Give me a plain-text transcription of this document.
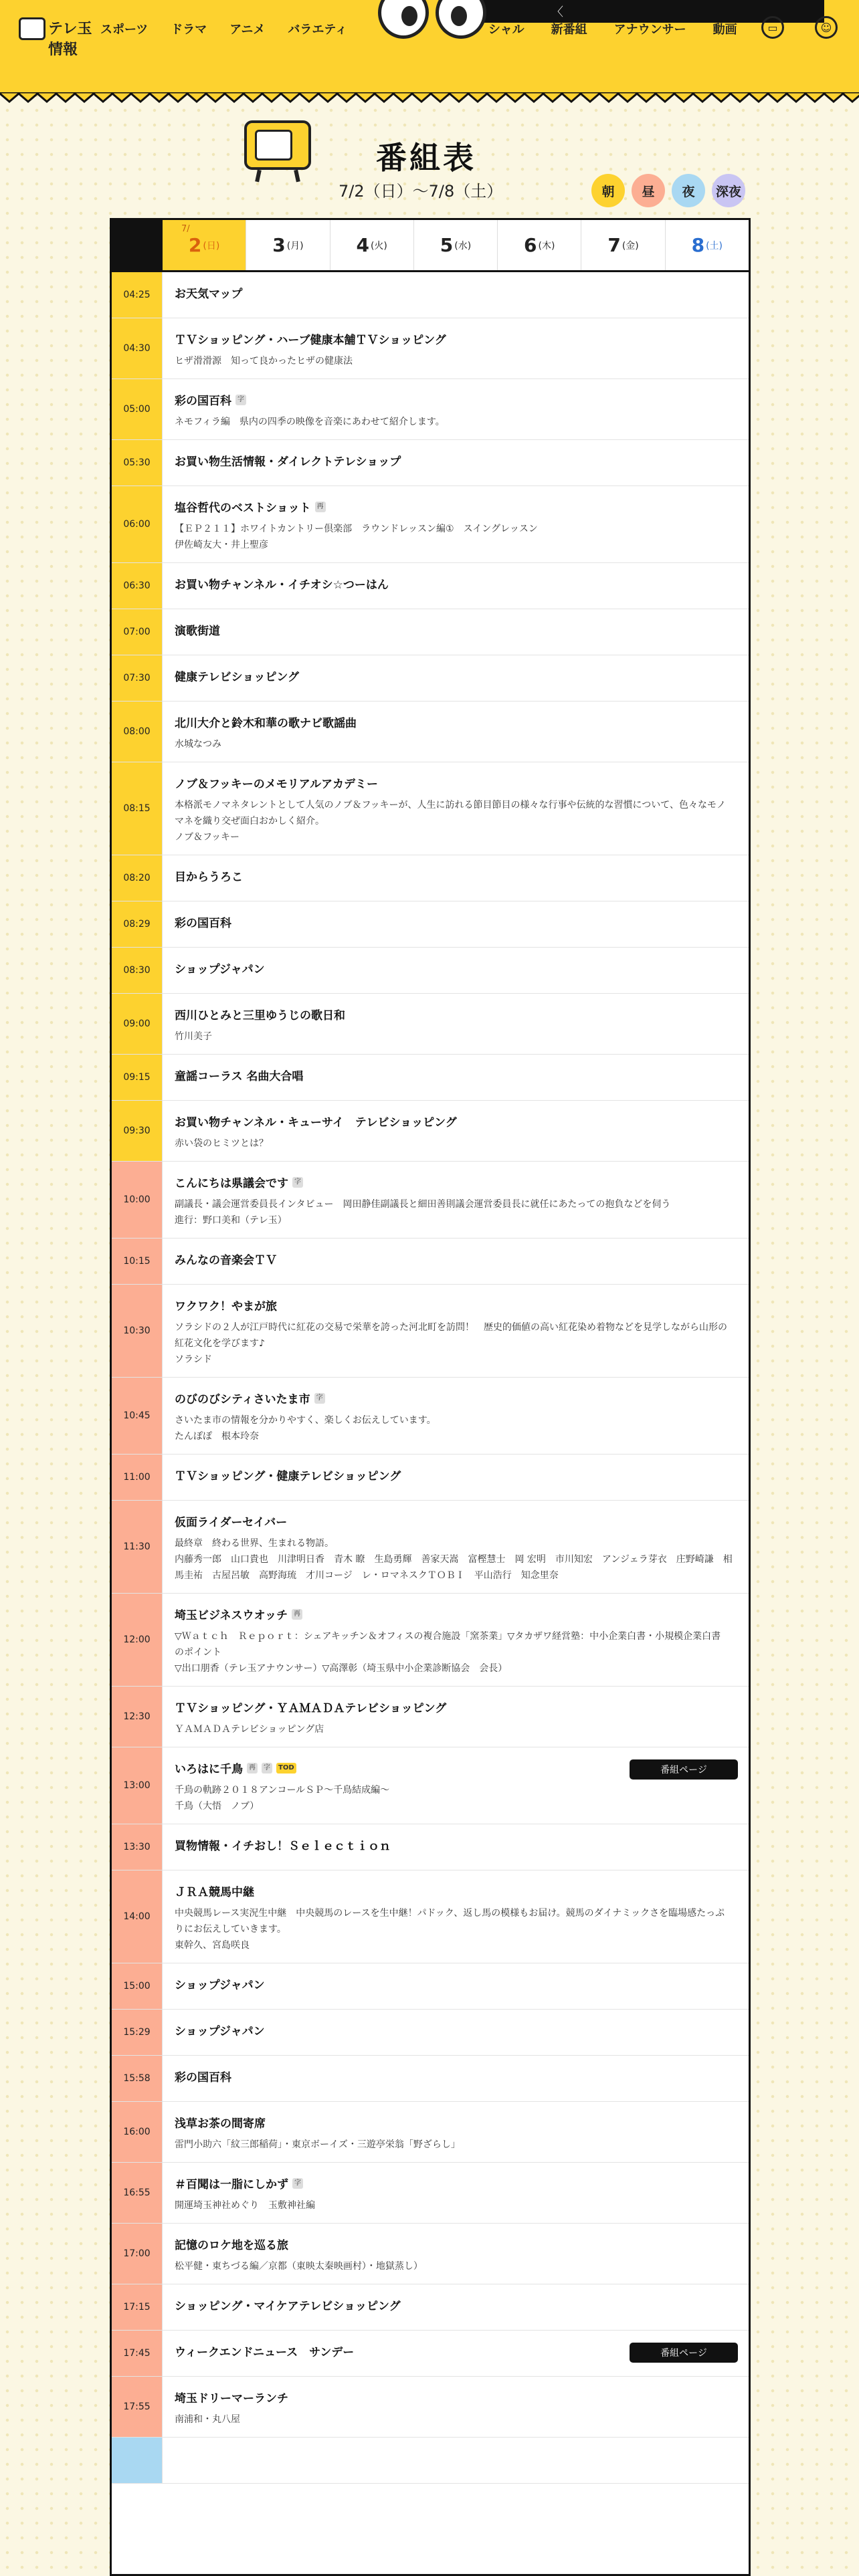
テレ玉情報
スポーツ ドラマ アニメ バラエティ
〈
シャル 新番組 アナウンサー 動画	▭	☺
番組表
7/2（日）〜7/8（土）	朝	昼	夜	深夜
7/
2 (日)	3 (月)	4 (火)	5 (水)	6 (木)	7 (金)	8 (土)
04:25	お天気マップ
04:30
ＴＶショッピング・ハーブ健康本舗ＴＶショッピング
ヒザ滑滑源　知って良かったヒザの健康法
05:00
彩の国百科 字
ネモフィラ編　県内の四季の映像を音楽にあわせて紹介します。
05:30	お買い物生活情報・ダイレクトテレショップ
06:00
塩谷哲代のベストショット 再
【ＥＰ２１１】ホワイトカントリー倶楽部　ラウンドレッスン編①　スイングレッスン
伊佐崎友大・井上聖彦
06:30	お買い物チャンネル・イチオシ☆つーはん
07:00	演歌街道
07:30	健康テレビショッピング
08:00
北川大介と鈴木和華の歌ナビ歌謡曲
水城なつみ
08:15
ノブ＆フッキーのメモリアルアカデミー
本格派モノマネタレントとして人気のノブ＆フッキーが、人生に訪れる節目節目の様々な行事や伝統的な習慣について、色々なモノマネを織り交ぜ面白おかしく紹介。
ノブ＆フッキー
08:20	目からうろこ
08:29	彩の国百科
08:30	ショップジャパン
09:00
西川ひとみと三里ゆうじの歌日和
竹川美子
09:15	童謡コーラス 名曲大合唱
09:30
お買い物チャンネル・キューサイ　テレビショッピング
赤い袋のヒミツとは？
10:00
こんにちは県議会です 字
副議長・議会運営委員長インタビュー　岡田静佳副議長と細田善則議会運営委員長に就任にあたっての抱負などを伺う
進行：野口美和（テレ玉）
10:15	みんなの音楽会ＴＶ
10:30
ワクワク！やまが旅
ソラシドの２人が江戸時代に紅花の交易で栄華を誇った河北町を訪問！　歴史的価値の高い紅花染め着物などを見学しながら山形の紅花文化を学びます♪
ソラシド
10:45
のびのびシティさいたま市 字
さいたま市の情報を分かりやすく、楽しくお伝えしています。
たんぽぽ　根本玲奈
11:00	ＴＶショッピング・健康テレビショッピング
11:30
仮面ライダーセイバー
最終章　終わる世界、生まれる物語。
内藤秀一郎　山口貴也　川津明日香　青木 瞭　生島勇輝　善家天嵩　富樫慧士　岡 宏明　市川知宏　アンジェラ芽衣　庄野崎謙　相馬圭祐　古屋呂敏　高野海琉　才川コージ　レ・ロマネスクＴＯＢＩ　平山浩行　知念里奈
12:00
埼玉ビジネスウオッチ 再
▽Ｗａｔｃｈ　Ｒｅｐｏｒｔ：シェアキッチン＆オフィスの複合施設「窯茶業」▽タカザワ経営塾：中小企業白書・小規模企業白書のポイント
▽出口朋香（テレ玉アナウンサー）▽高澤彰（埼玉県中小企業診断協会　会長）
12:30
ＴＶショッピング・ＹＡＭＡＤＡテレビショッピング
ＹＡＭＡＤＡテレビショッピング店
13:00
いろはに千鳥 再 字 TOD
千鳥の軌跡２０１８アンコールＳＰ〜千鳥結成編〜
千鳥（大悟　ノブ）
番組ページ
13:30	買物情報・イチおし！Ｓｅｌｅｃｔｉｏｎ
14:00
ＪＲＡ競馬中継
中央競馬レース実況生中継　中央競馬のレースを生中継！パドック、返し馬の模様もお届け。競馬のダイナミックさを臨場感たっぷりにお伝えしていきます。
東幹久、宮島咲良
15:00	ショップジャパン
15:29	ショップジャパン
15:58	彩の国百科
16:00
浅草お茶の間寄席
雷門小助六「紋三郎稲荷」・東京ボーイズ・三遊亭栄翁「野ざらし」
16:55
＃百聞は一脂にしかず 字
開運埼玉神社めぐり　玉敷神社編
17:00
記憶のロケ地を巡る旅
松平健・東ちづる編／京都（東映太秦映画村）・地獄蒸し）
17:15	ショッピング・マイケアテレビショッピング
17:45	ウィークエンドニュース　サンデー	番組ページ
17:55
埼玉ドリーマーランチ
南浦和・丸八屋
